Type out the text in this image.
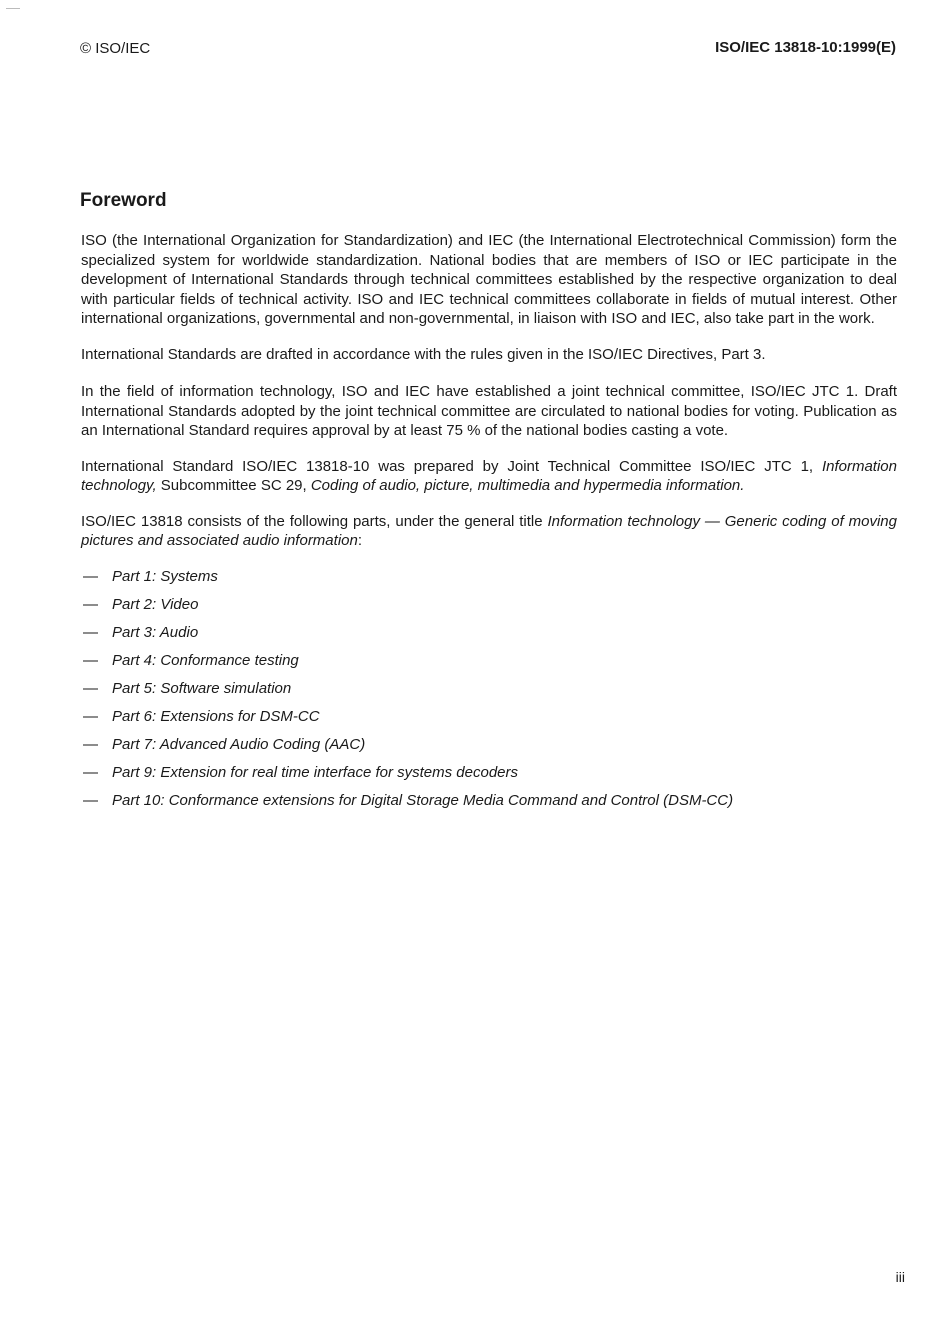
© ISO/IEC	ISO/IEC 13818-10:1999(E)
Foreword

ISO (the International Organization for Standardization) and IEC (the International Electrotechnical Commission) form the specialized system for worldwide standardization. National bodies that are members of ISO or IEC participate in the development of International Standards through technical committees established by the respective organization to deal with particular fields of technical activity. ISO and IEC technical committees collaborate in fields of mutual interest. Other international organizations, governmental and non-governmental, in liaison with ISO and IEC, also take part in the work.

International Standards are drafted in accordance with the rules given in the ISO/IEC Directives, Part 3.

In the field of information technology, ISO and IEC have established a joint technical committee, ISO/IEC JTC 1. Draft International Standards adopted by the joint technical committee are circulated to national bodies for voting. Publication as an International Standard requires approval by at least 75 % of the national bodies casting a vote.

International Standard ISO/IEC 13818-10 was prepared by Joint Technical Committee ISO/IEC JTC 1, Information technology, Subcommittee SC 29, Coding of audio, picture, multimedia and hypermedia information.

ISO/IEC 13818 consists of the following parts, under the general title Information technology — Generic coding of moving pictures and associated audio information:

— Part 1: Systems
— Part 2: Video
— Part 3: Audio
— Part 4: Conformance testing
— Part 5: Software simulation
— Part 6: Extensions for DSM-CC
— Part 7: Advanced Audio Coding (AAC)
— Part 9: Extension for real time interface for systems decoders
— Part 10: Conformance extensions for Digital Storage Media Command and Control (DSM-CC)
iii
